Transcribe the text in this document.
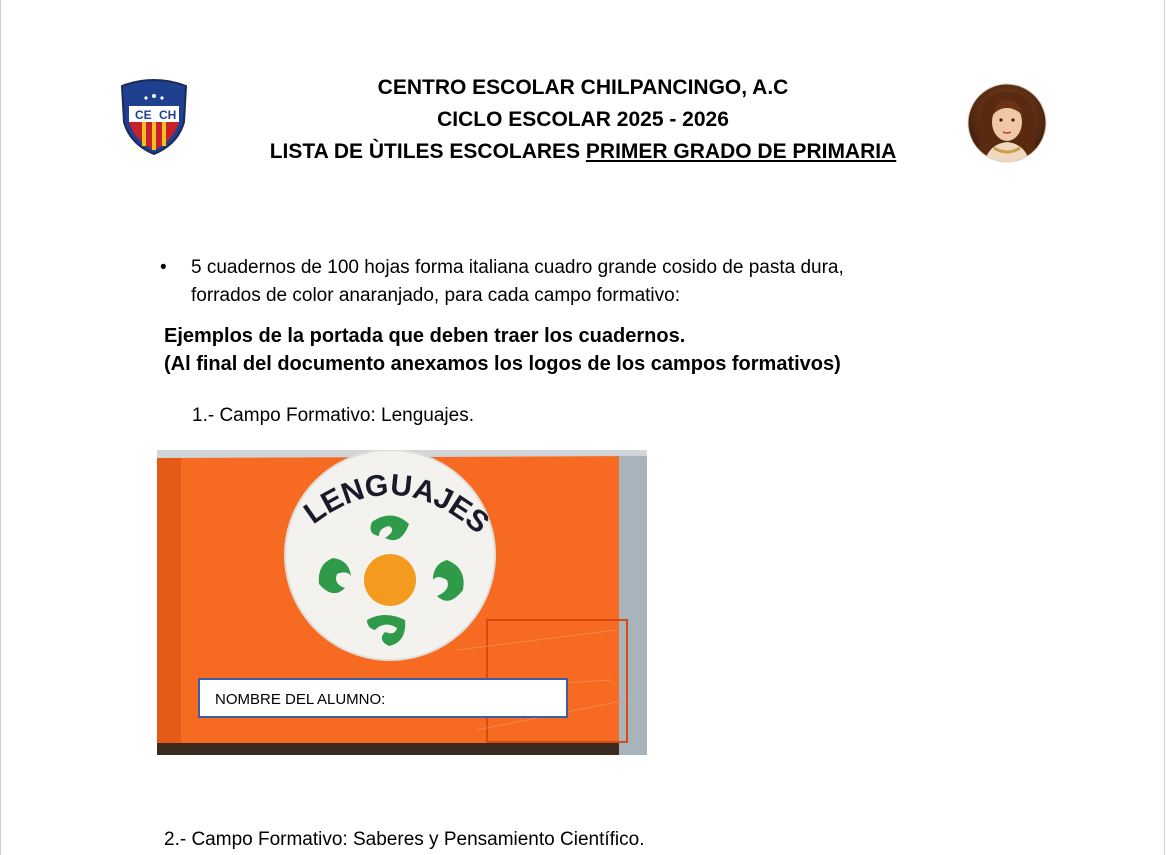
CE CH
CENTRO ESCOLAR CHILPANCINGO, A.C
CICLO ESCOLAR 2025 - 2026
LISTA DE ÙTILES ESCOLARES PRIMER GRADO DE PRIMARIA
• 5 cuadernos de 100 hojas forma italiana cuadro grande cosido de pasta dura,
forrados de color anaranjado, para cada campo formativo:
Ejemplos de la portada que deben traer los cuadernos.
(Al final del documento anexamos los logos de los campos formativos)
1.- Campo Formativo: Lenguajes.
LENGUAJES
NOMBRE DEL ALUMNO:
2.- Campo Formativo: Saberes y Pensamiento Científico.
